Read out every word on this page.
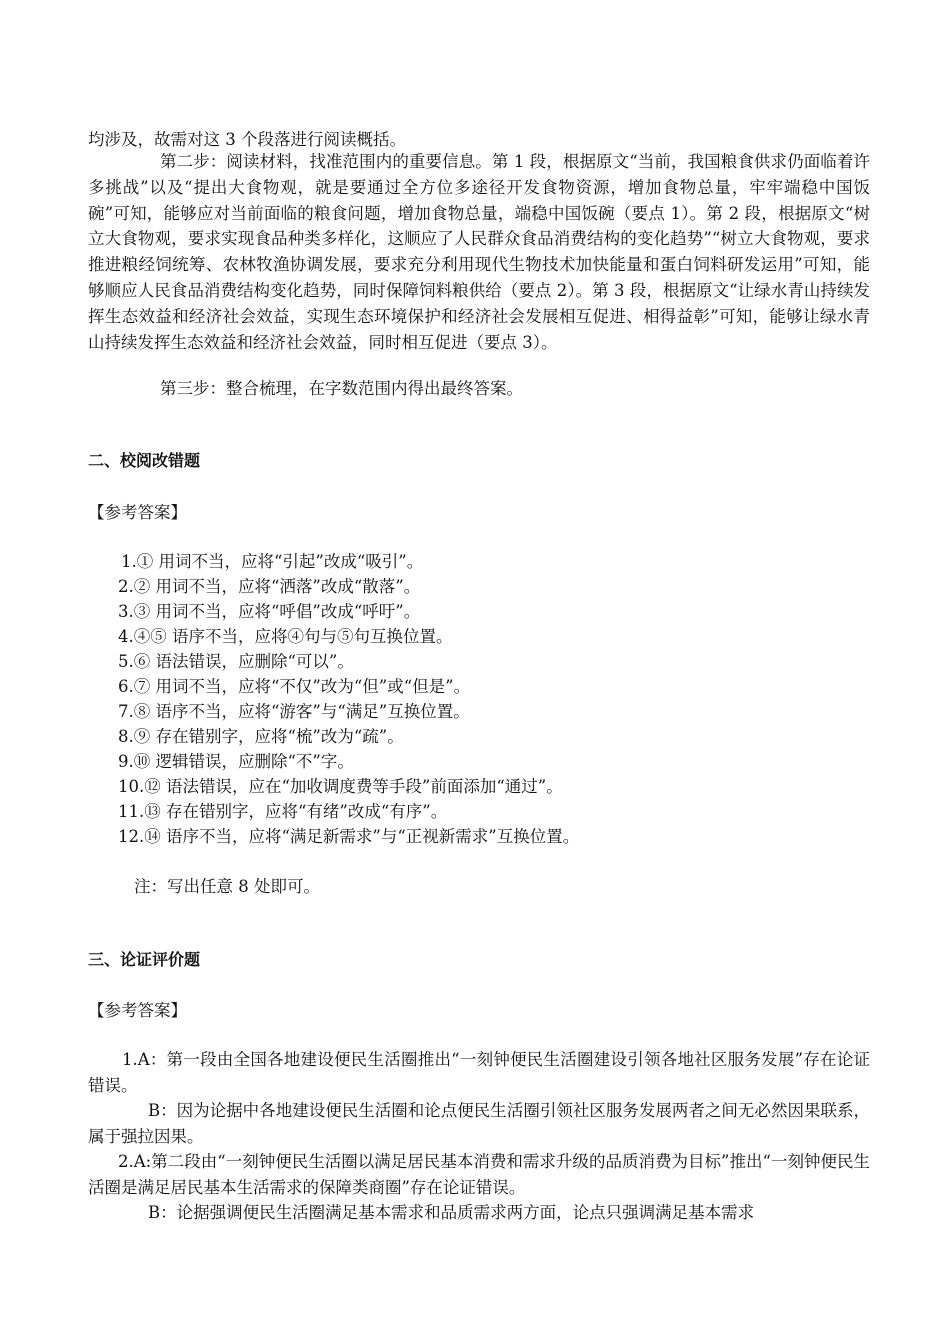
均涉及，故需对这 3 个段落进行阅读概括。

第二步：阅读材料，找准范围内的重要信息。第 1 段，根据原文“当前，我国粮食供求仍面临着许多挑战”以及“提出大食物观，就是要通过全方位多途径开发食物资源，增加食物总量，牢牢端稳中国饭碗”可知，能够应对当前面临的粮食问题，增加食物总量，端稳中国饭碗（要点 1）。第 2 段，根据原文“树立大食物观，要求实现食品种类多样化，这顺应了人民群众食品消费结构的变化趋势”“树立大食物观，要求推进粮经饲统筹、农林牧渔协调发展，要求充分利用现代生物技术加快能量和蛋白饲料研发运用”可知，能够顺应人民食品消费结构变化趋势，同时保障饲料粮供给（要点 2）。第 3 段，根据原文“让绿水青山持续发挥生态效益和经济社会效益，实现生态环境保护和经济社会发展相互促进、相得益彰”可知，能够让绿水青山持续发挥生态效益和经济社会效益，同时相互促进（要点 3）。

第三步：整合梳理，在字数范围内得出最终答案。

二、校阅改错题

【参考答案】

1.① 用词不当，应将“引起”改成“吸引”。

2.② 用词不当，应将“洒落”改成“散落”。

3.③ 用词不当，应将“呼倡”改成“呼吁”。

4.④⑤ 语序不当，应将④句与⑤句互换位置。

5.⑥ 语法错误，应删除“可以”。

6.⑦ 用词不当，应将“不仅”改为“但”或“但是”。

7.⑧ 语序不当，应将“游客”与“满足”互换位置。

8.⑨ 存在错别字，应将“梳”改为“疏”。

9.⑩ 逻辑错误，应删除“不”字。

10.⑫ 语法错误，应在“加收调度费等手段”前面添加“通过”。

11.⑬ 存在错别字，应将“有绪”改成“有序”。

12.⑭ 语序不当，应将“满足新需求”与“正视新需求”互换位置。

注：写出任意 8 处即可。

三、论证评价题

【参考答案】

1.A：第一段由全国各地建设便民生活圈推出“一刻钟便民生活圈建设引领各地社区服务发展”存在论证错误。

B：因为论据中各地建设便民生活圈和论点便民生活圈引领社区服务发展两者之间无必然因果联系，属于强拉因果。

2.A:第二段由“一刻钟便民生活圈以满足居民基本消费和需求升级的品质消费为目标”推出“一刻钟便民生活圈是满足居民基本生活需求的保障类商圈”存在论证错误。

B：论据强调便民生活圈满足基本需求和品质需求两方面，论点只强调满足基本需求
